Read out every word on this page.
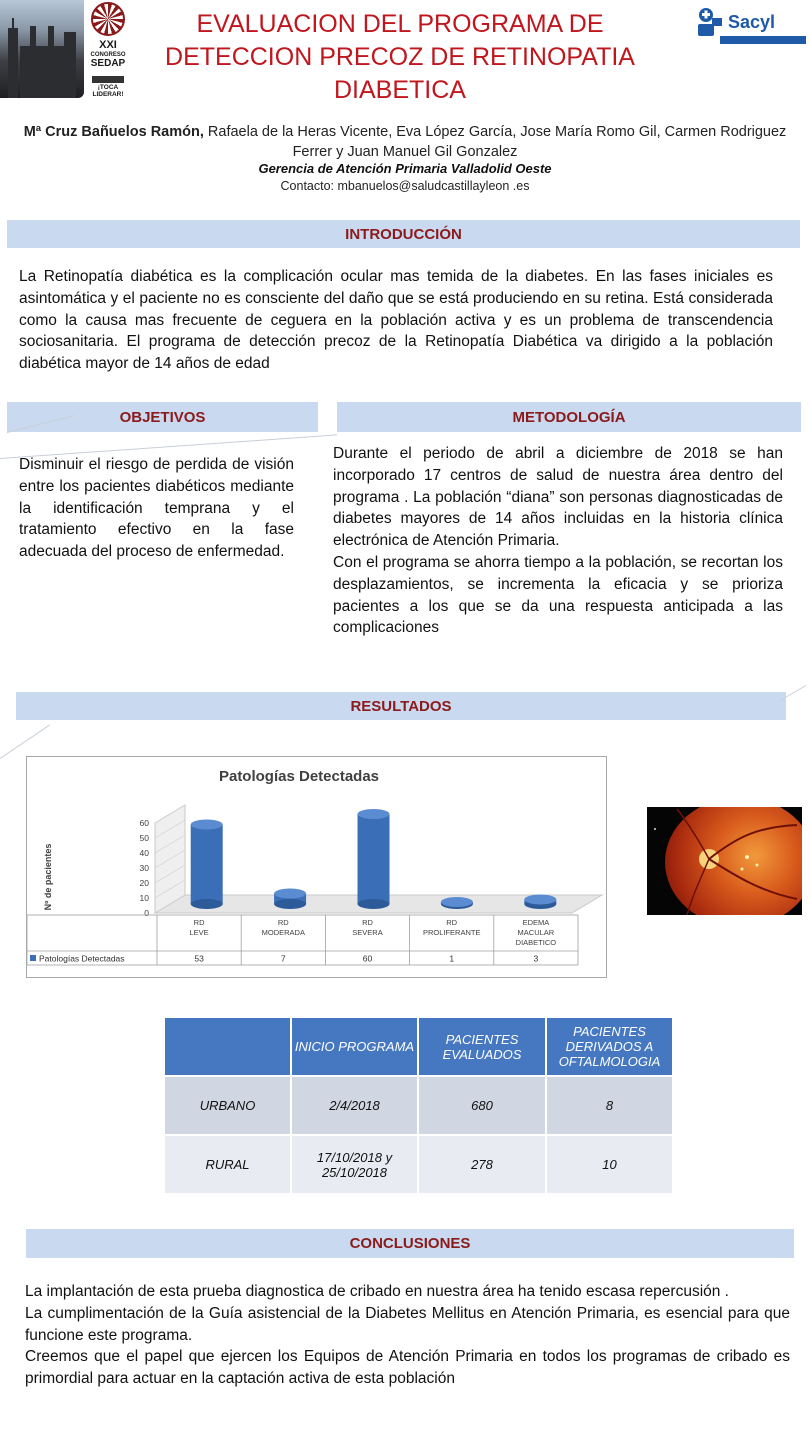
XXI
CONGRESO
SEDAP
¡TOCA
LIDERAR!
EVALUACION DEL PROGRAMA DE
DETECCION PRECOZ DE RETINOPATIA
DIABETICA
Sacyl
Mª Cruz Bañuelos Ramón, Rafaela de la Heras Vicente, Eva López García, Jose María Romo Gil, Carmen Rodriguez Ferrer y Juan Manuel Gil Gonzalez
Gerencia de Atención Primaria Valladolid Oeste
Contacto: mbanuelos@saludcastillayleon .es
INTRODUCCIÓN
La Retinopatía diabética es la complicación ocular mas temida de la diabetes. En las fases iniciales es asintomática y el paciente no es consciente del daño que se está produciendo en su retina. Está considerada como la causa mas frecuente de ceguera en la población activa y es un problema de transcendencia sociosanitaria. El programa de detección precoz de la Retinopatía Diabética va dirigido a la población diabética mayor de 14 años de edad
OBJETIVOS	METODOLOGÍA
Disminuir el riesgo de perdida de visión entre los pacientes diabéticos mediante la identificación temprana y el tratamiento efectivo en la fase adecuada del proceso de enfermedad.
Durante el periodo de abril a diciembre de 2018 se han incorporado 17 centros de salud de nuestra área dentro del programa . La población “diana” son personas diagnosticadas de diabetes mayores de 14 años incluidas en la historia clínica electrónica de Atención Primaria.
Con el programa se ahorra tiempo a la población, se recortan los desplazamientos, se incrementa la eficacia y se prioriza pacientes a los que se da una respuesta anticipada a las complicaciones
RESULTADOS
Patologías Detectadas
Nº de pacientes
0
10
20
30
40
50
60
Patologías Detectadas
RD LEVE
53
RD MODERADA
7
RD SEVERA
60
RD PROLIFERANTE
1
EDEMA MACULAR DIABETICO
3
	INICIO PROGRAMA	PACIENTES EVALUADOS	PACIENTES DERIVADOS A OFTALMOLOGIA
URBANO	2/4/2018	680	8
RURAL	17/10/2018 y 25/10/2018	278	10
CONCLUSIONES
La implantación de esta prueba diagnostica de cribado en nuestra área ha tenido escasa repercusión .
La cumplimentación de la Guía asistencial de la Diabetes Mellitus en Atención Primaria, es esencial para que funcione este programa.
Creemos que el papel que ejercen los Equipos de Atención Primaria en todos los programas de cribado es primordial para actuar en la captación activa de esta población
